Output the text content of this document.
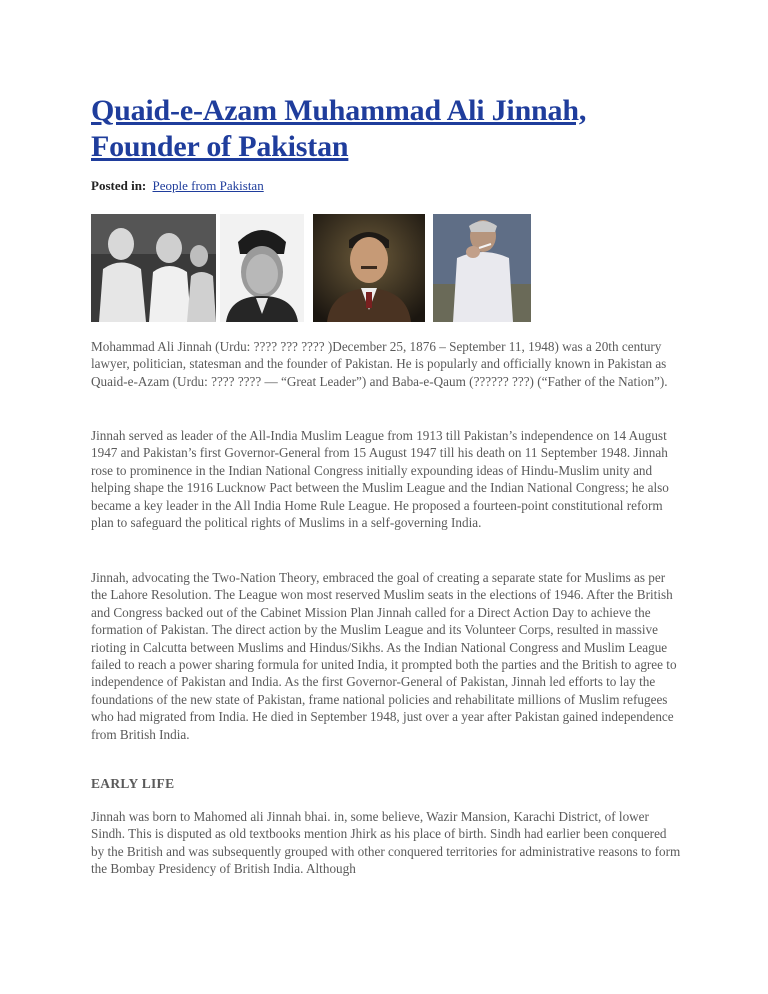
Quaid-e-Azam Muhammad Ali Jinnah, Founder of Pakistan
Posted in: People from Pakistan

Mohammad Ali Jinnah (Urdu: ???? ??? ???? )December 25, 1876 – September 11, 1948) was a 20th century lawyer, politician, statesman and the founder of Pakistan. He is popularly and officially known in Pakistan as Quaid-e-Azam (Urdu: ???? ???? — “Great Leader”) and Baba-e-Qaum (?????? ???) (“Father of the Nation”).

Jinnah served as leader of the All-India Muslim League from 1913 till Pakistan’s independence on 14 August 1947 and Pakistan’s first Governor-General from 15 August 1947 till his death on 11 September 1948. Jinnah rose to prominence in the Indian National Congress initially expounding ideas of Hindu-Muslim unity and helping shape the 1916 Lucknow Pact between the Muslim League and the Indian National Congress; he also became a key leader in the All India Home Rule League. He proposed a fourteen-point constitutional reform plan to safeguard the political rights of Muslims in a self-governing India.

Jinnah, advocating the Two-Nation Theory, embraced the goal of creating a separate state for Muslims as per the Lahore Resolution. The League won most reserved Muslim seats in the elections of 1946. After the British and Congress backed out of the Cabinet Mission Plan Jinnah called for a Direct Action Day to achieve the formation of Pakistan. The direct action by the Muslim League and its Volunteer Corps, resulted in massive rioting in Calcutta between Muslims and Hindus/Sikhs. As the Indian National Congress and Muslim League failed to reach a power sharing formula for united India, it prompted both the parties and the British to agree to independence of Pakistan and India. As the first Governor-General of Pakistan, Jinnah led efforts to lay the foundations of the new state of Pakistan, frame national policies and rehabilitate millions of Muslim refugees who had migrated from India. He died in September 1948, just over a year after Pakistan gained independence from British India.

EARLY LIFE

Jinnah was born to Mahomed ali Jinnah bhai. in, some believe, Wazir Mansion, Karachi District, of lower Sindh. This is disputed as old textbooks mention Jhirk as his place of birth. Sindh had earlier been conquered by the British and was subsequently grouped with other conquered territories for administrative reasons to form the Bombay Presidency of British India. Although
